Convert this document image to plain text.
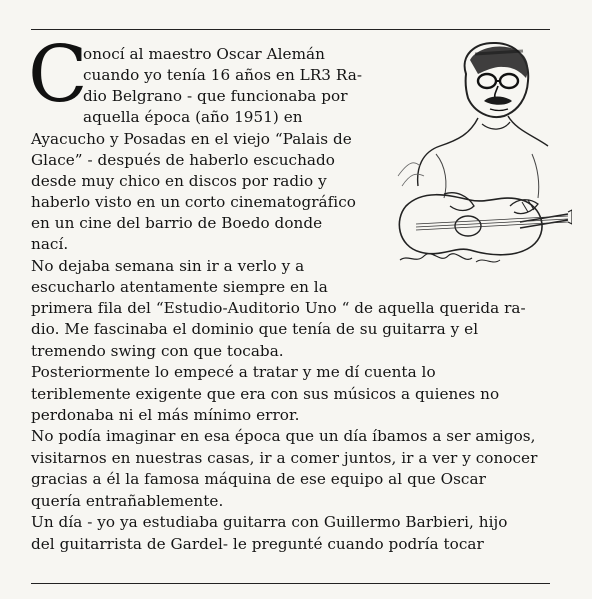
C
onocí al maestro Oscar Alemán
cuando yo tenía 16 años en LR3 Ra-
dio Belgrano - que funcionaba por
aquella época (año 1951) en
Ayacucho y Posadas en el viejo “Palais de
Glace” - después de haberlo escuchado
desde muy chico en discos por radio y
haberlo visto en un corto cinematográfico
en un cine del barrio de Boedo donde
nací.
No dejaba semana sin ir a verlo y a
escucharlo atentamente siempre en la
primera fila del “Estudio-Auditorio Uno “ de aquella querida ra-
dio. Me fascinaba el dominio que tenía de su guitarra y el
tremendo swing con que tocaba.
Posteriormente lo empecé a tratar y me dí cuenta lo
teriblemente exigente que era con sus músicos a quienes no
perdonaba ni el más mínimo error.
No podía imaginar en esa época que un día íbamos a ser amigos,
visitarnos en nuestras casas, ir a comer juntos, ir a ver y conocer
gracias a él la famosa máquina de ese equipo al que Oscar
quería entrañablemente.
Un día - yo ya estudiaba guitarra con Guillermo Barbieri, hijo
del guitarrista de Gardel- le pregunté cuando podría tocar
